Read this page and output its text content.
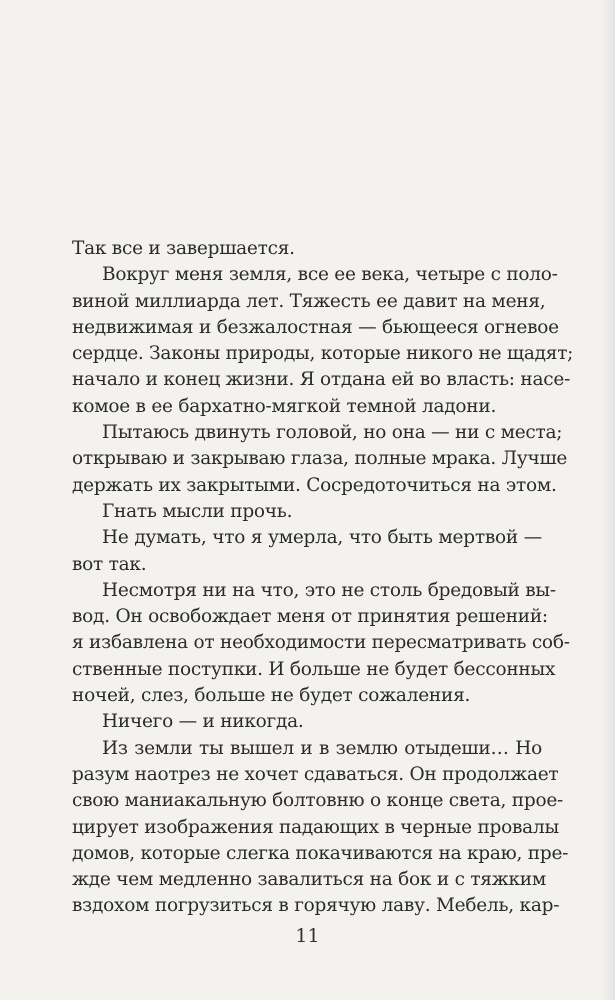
Так все и завершается.
Вокруг меня земля, все ее века, четыре с поло-
виной миллиарда лет. Тяжесть ее давит на меня,
недвижимая и безжалостная — бьющееся огневое
сердце. Законы природы, которые никого не щадят;
начало и конец жизни. Я отдана ей во власть: насе-
комое в ее бархатно-мягкой темной ладони.
Пытаюсь двинуть головой, но она — ни с места;
открываю и закрываю глаза, полные мрака. Лучше
держать их закрытыми. Сосредоточиться на этом.
Гнать мысли прочь.
Не думать, что я умерла, что быть мертвой —
вот так.
Несмотря ни на что, это не столь бредовый вы-
вод. Он освобождает меня от принятия решений:
я избавлена от необходимости пересматривать соб-
ственные поступки. И больше не будет бессонных
ночей, слез, больше не будет сожаления.
Ничего — и никогда.
Из земли ты вышел и в землю отыдеши… Но
разум наотрез не хочет сдаваться. Он продолжает
свою маниакальную болтовню о конце света, прое-
цирует изображения падающих в черные провалы
домов, которые слегка покачиваются на краю, пре-
жде чем медленно завалиться на бок и с тяжким
вздохом погрузиться в горячую лаву. Мебель, кар-
11
